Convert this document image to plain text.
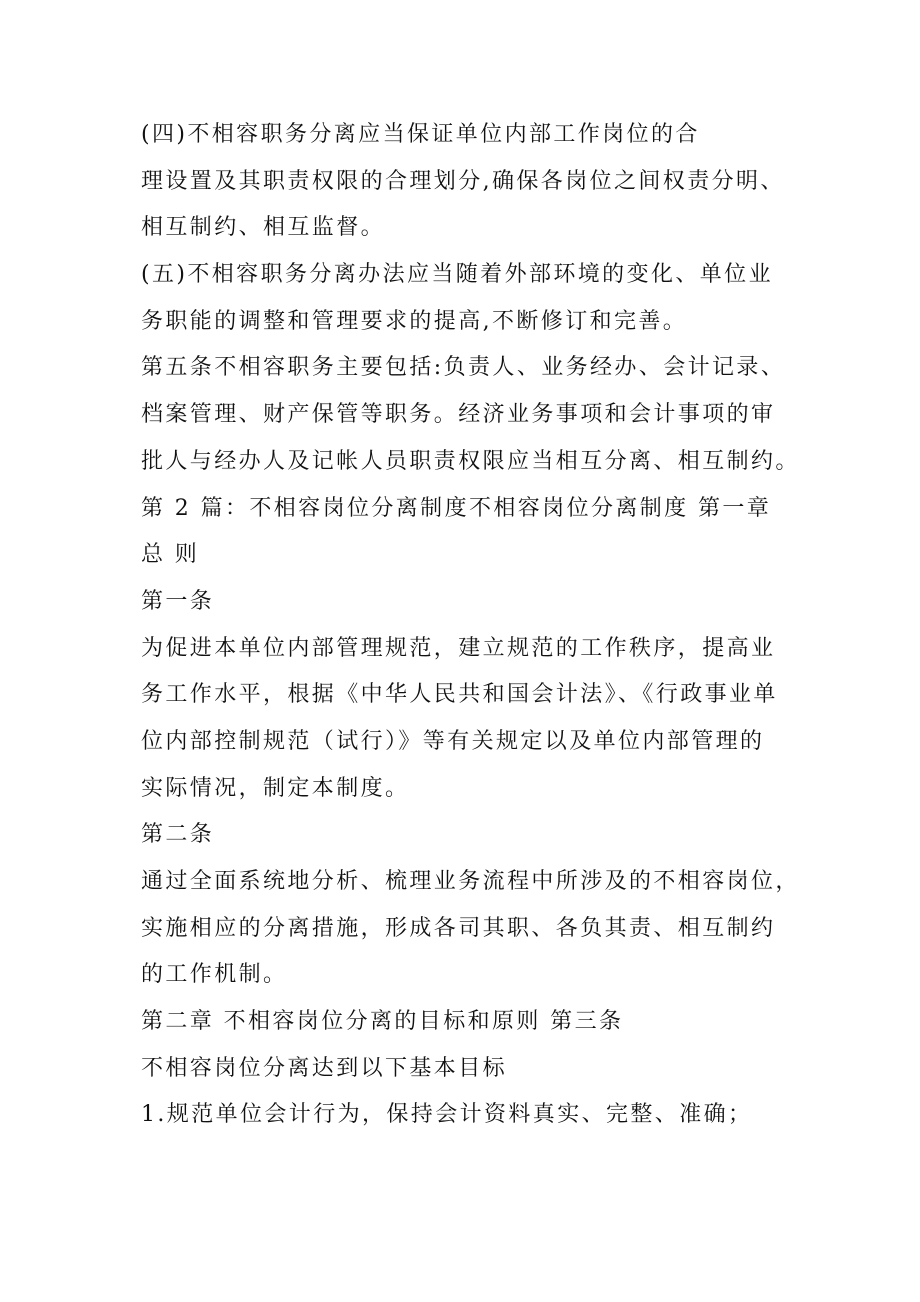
(四)不相容职务分离应当保证单位内部工作岗位的合
理设置及其职责权限的合理划分,确保各岗位之间权责分明、
相互制约、相互监督。
(五)不相容职务分离办法应当随着外部环境的变化、单位业
务职能的调整和管理要求的提高,不断修订和完善。
第五条不相容职务主要包括:负责人、业务经办、会计记录、
档案管理、财产保管等职务。经济业务事项和会计事项的审
批人与经办人及记帐人员职责权限应当相互分离、相互制约。
第 2 篇：不相容岗位分离制度不相容岗位分离制度 第一章
总 则
第一条
为促进本单位内部管理规范，建立规范的工作秩序，提高业
务工作水平，根据《中华人民共和国会计法》、《行政事业单
位内部控制规范（试行）》等有关规定以及单位内部管理的
实际情况，制定本制度。
第二条
通过全面系统地分析、梳理业务流程中所涉及的不相容岗位，
实施相应的分离措施，形成各司其职、各负其责、相互制约
的工作机制。
第二章 不相容岗位分离的目标和原则 第三条
不相容岗位分离达到以下基本目标
1.规范单位会计行为，保持会计资料真实、完整、准确；
